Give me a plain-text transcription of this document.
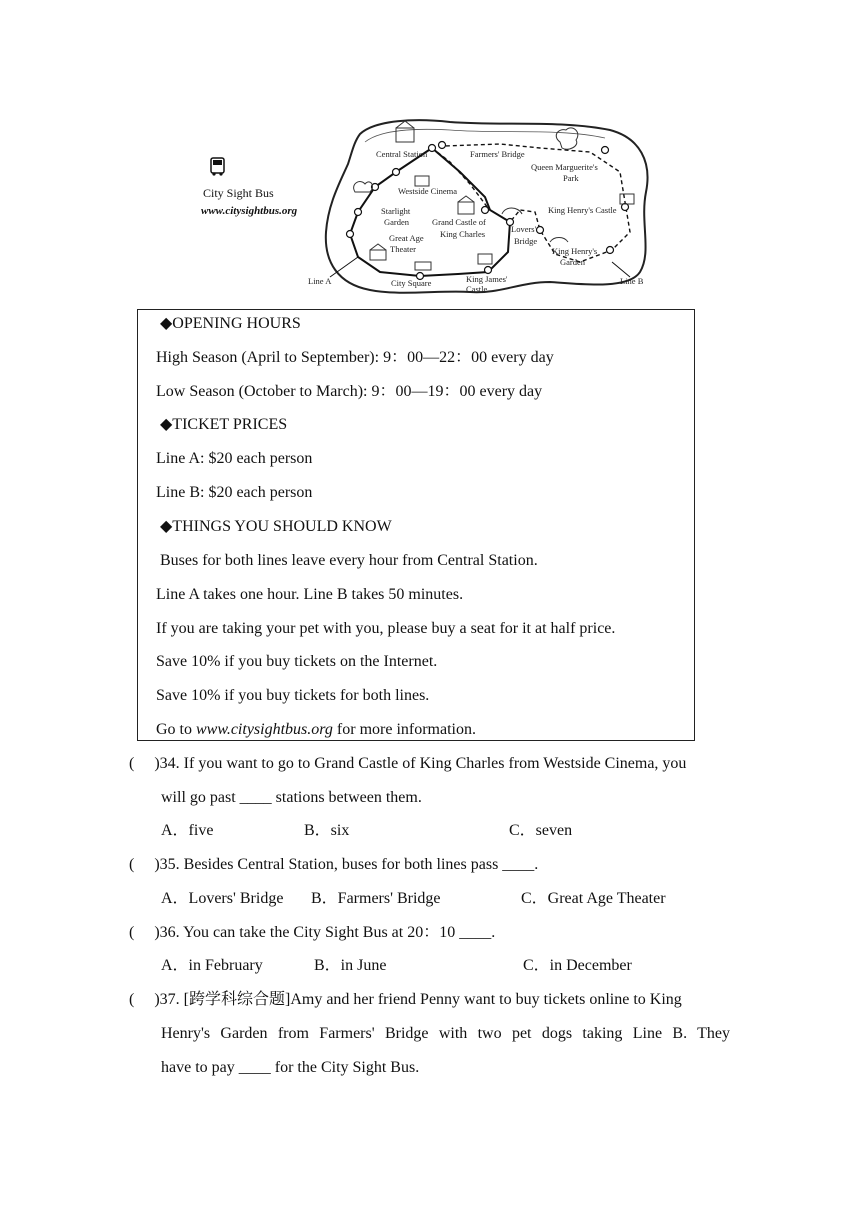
City Sight Bus
www.citysightbus.org
Central Station	Farmers' Bridge
Queen Marguerite's
Park
Westside Cinema
Starlight
Garden	Grand Castle of
King Charles	Lovers'
Bridge
King Henry's Castle
Great Age
Theater	King Henry's
Garden
City Square	King James'
Castle
Line A	Line B
◆OPENING HOURS
High Season (April to September): 9：00—22：00 every day
Low Season (October to March): 9：00—19：00 every day
◆TICKET PRICES
Line A: $20 each person
Line B: $20 each person
◆THINGS YOU SHOULD KNOW
Buses for both lines leave every hour from Central Station.
Line A takes one hour. Line B takes 50 minutes.
If you are taking your pet with you, please buy a seat for it at half price.
Save 10% if you buy tickets on the Internet.
Save 10% if you buy tickets for both lines.
Go to www.citysightbus.org for more information.
( )34. If you want to go to Grand Castle of King Charles from Westside Cinema, you
will go past ____ stations between them.
A．five	B．six	C．seven
( )35. Besides Central Station, buses for both lines pass ____.
A．Lovers' Bridge B．Farmers' Bridge	C．Great Age Theater
( )36. You can take the City Sight Bus at 20：10 ____.
A．in February	B．in June	C．in December
( )37. [跨学科综合题]Amy and her friend Penny want to buy tickets online to King
Henry's Garden from Farmers' Bridge with two pet dogs taking Line B. They
have to pay ____ for the City Sight Bus.
